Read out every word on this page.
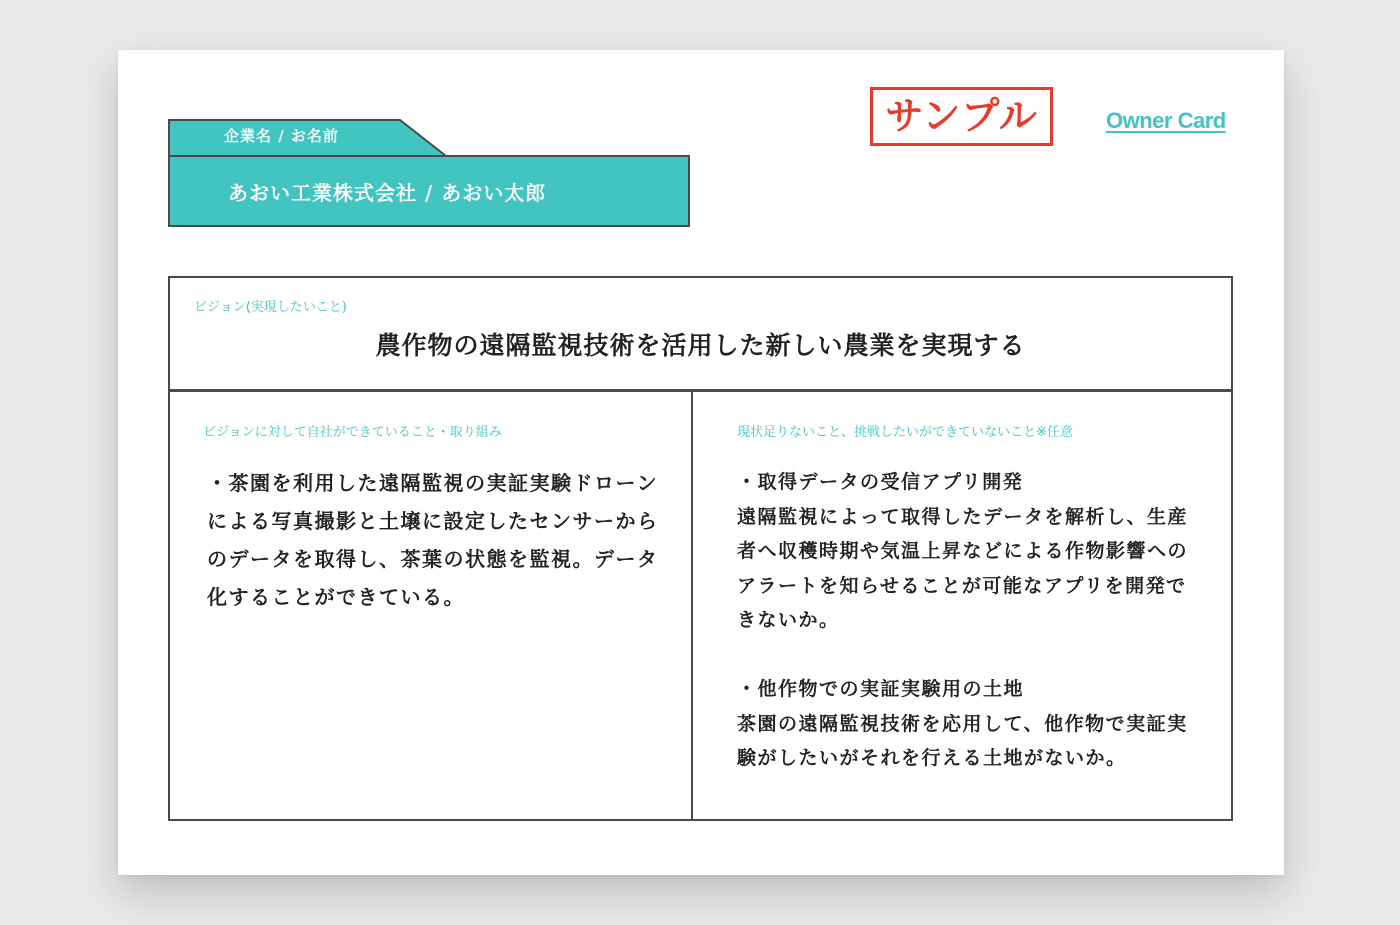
企業名 / お名前
あおい工業株式会社 / あおい太郎
サンプル	Owner Card
ビジョン(実現したいこと)
農作物の遠隔監視技術を活用した新しい農業を実現する
ビジョンに対して自社ができていること・取り組み
・茶園を利用した遠隔監視の実証実験ドローンによる写真撮影と土壌に設定したセンサーからのデータを取得し、茶葉の状態を監視。データ化することができている。
現状足りないこと、挑戦したいができていないこと※任意

・取得データの受信アプリ開発

遠隔監視によって取得したデータを解析し、生産者へ収穫時期や気温上昇などによる作物影響へのアラートを知らせることが可能なアプリを開発できないか。

・他作物での実証実験用の土地

茶園の遠隔監視技術を応用して、他作物で実証実験がしたいがそれを行える土地がないか。
